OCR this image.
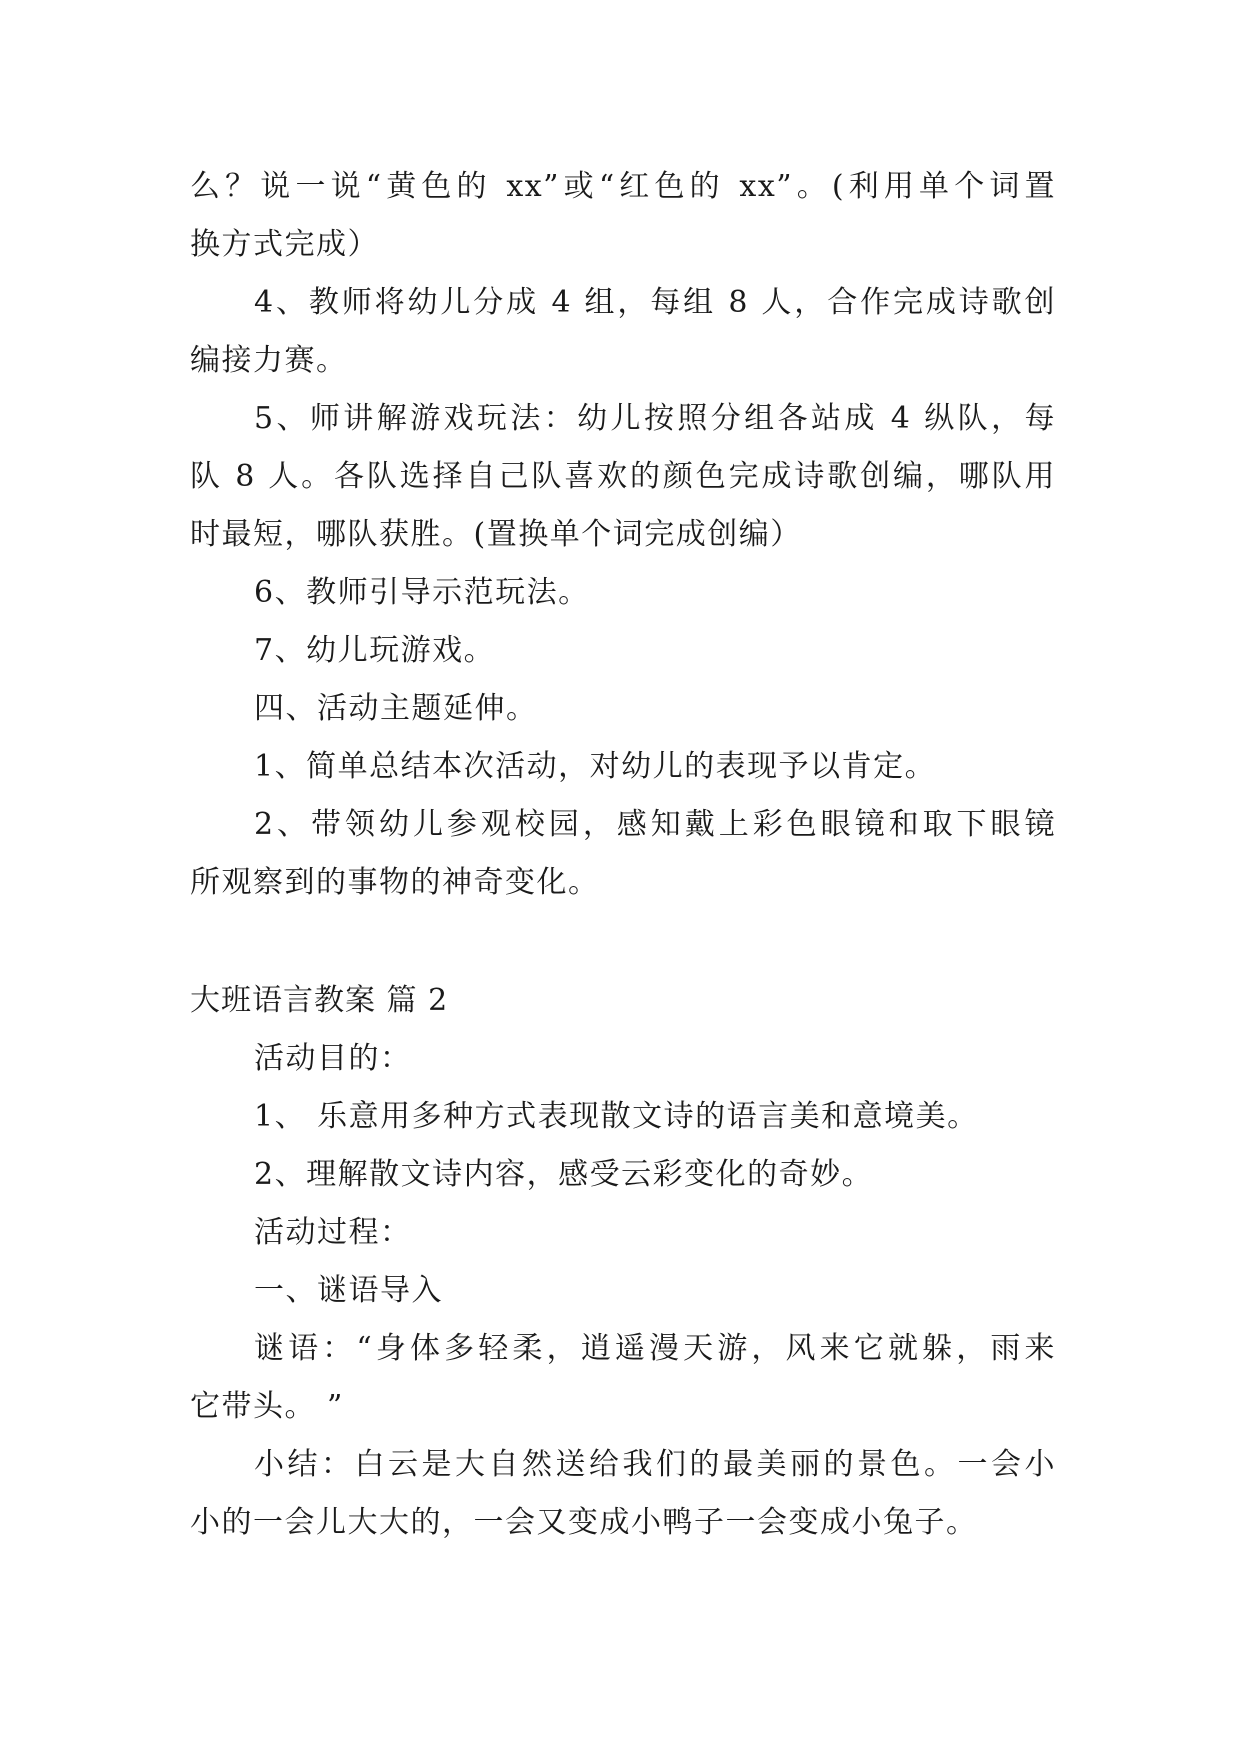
么？说一说“黄色的 xx”或“红色的 xx”。(利用单个词置
换方式完成）
4、教师将幼儿分成 4 组，每组 8 人，合作完成诗歌创
编接力赛。
5、师讲解游戏玩法：幼儿按照分组各站成 4 纵队，每
队 8 人。各队选择自己队喜欢的颜色完成诗歌创编，哪队用
时最短，哪队获胜。(置换单个词完成创编）
6、教师引导示范玩法。
7、幼儿玩游戏。
四、活动主题延伸。
1、简单总结本次活动，对幼儿的表现予以肯定。
2、带领幼儿参观校园，感知戴上彩色眼镜和取下眼镜
所观察到的事物的神奇变化。
大班语言教案 篇 2
活动目的：
1、 乐意用多种方式表现散文诗的语言美和意境美。
2、理解散文诗内容，感受云彩变化的奇妙。
活动过程：
一、谜语导入
谜语：“身体多轻柔，逍遥漫天游，风来它就躲，雨来
它带头。 ”
小结：白云是大自然送给我们的最美丽的景色。一会小
小的一会儿大大的，一会又变成小鸭子一会变成小兔子。
